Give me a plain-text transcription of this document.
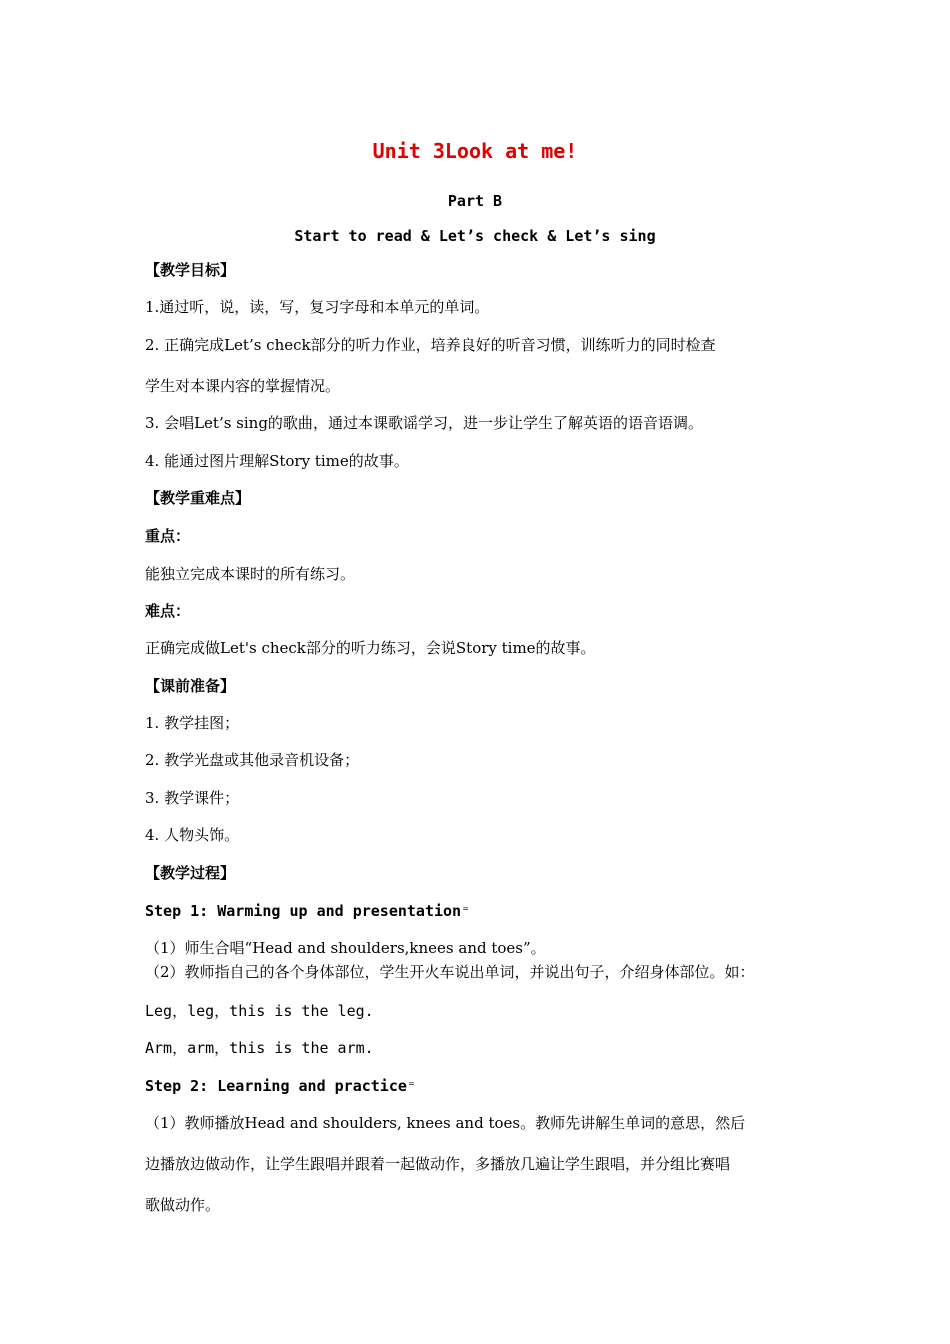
Unit 3Look at me!
Part B
Start to read & Let’s check & Let’s sing
【教学目标】
1.通过听，说，读，写，复习字母和本单元的单词。
2. 正确完成Let’s check部分的听力作业，培养良好的听音习惯，训练听力的同时检查
学生对本课内容的掌握情况。
3. 会唱Let’s sing的歌曲，通过本课歌谣学习，进一步让学生了解英语的语音语调。
4. 能通过图片理解Story time的故事。
【教学重难点】
重点：
能独立完成本课时的所有练习。
难点：
正确完成做Let's check部分的听力练习，会说Story time的故事。
【课前准备】
1. 教学挂图；
2. 教学光盘或其他录音机设备；
3. 教学课件；
4. 人物头饰。
【教学过程】
Step 1: Warming up and presentation⁼
（1）师生合唱“Head and shoulders,knees and toes”。
（2）教师指自己的各个身体部位，学生开火车说出单词，并说出句子，介绍身体部位。如：
Leg，leg，this is the leg.
Arm，arm，this is the arm.
Step 2: Learning and practice⁼
（1）教师播放Head and shoulders, knees and toes。教师先讲解生单词的意思，然后
边播放边做动作，让学生跟唱并跟着一起做动作，多播放几遍让学生跟唱，并分组比赛唱
歌做动作。
